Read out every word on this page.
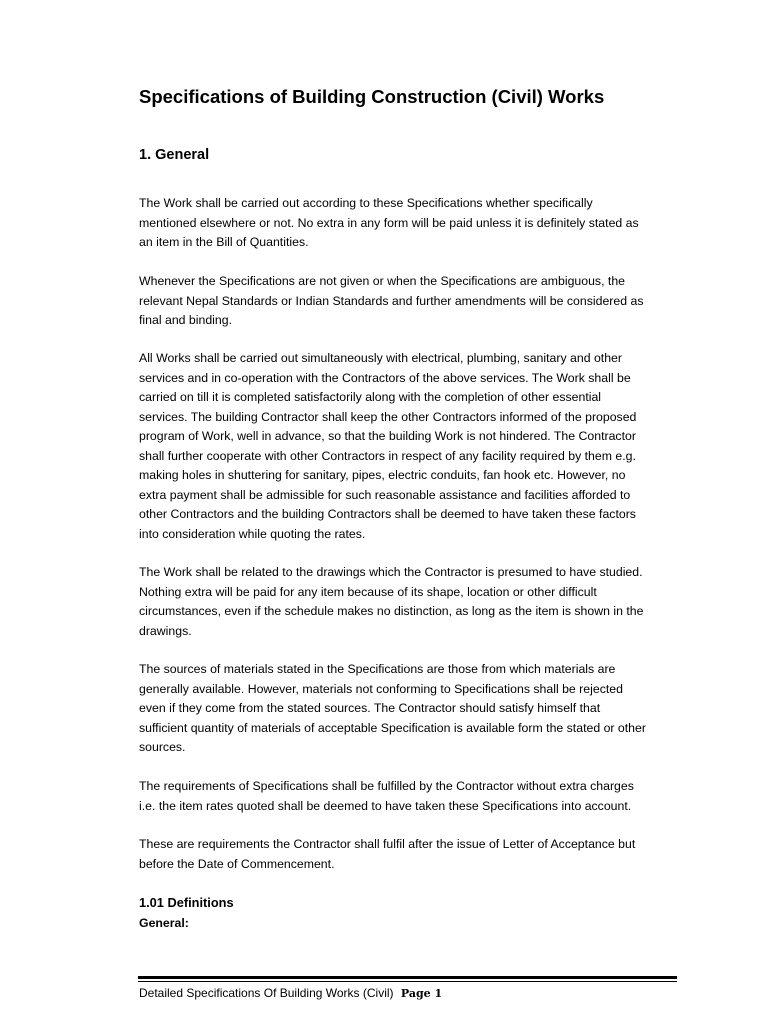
Specifications of Building Construction (Civil) Works
1. General

The Work shall be carried out according to these Specifications whether specifically
mentioned elsewhere or not. No extra in any form will be paid unless it is definitely stated as
an item in the Bill of Quantities.

Whenever the Specifications are not given or when the Specifications are ambiguous, the
relevant Nepal Standards or Indian Standards and further amendments will be considered as
final and binding.

All Works shall be carried out simultaneously with electrical, plumbing, sanitary and other
services and in co-operation with the Contractors of the above services. The Work shall be
carried on till it is completed satisfactorily along with the completion of other essential
services. The building Contractor shall keep the other Contractors informed of the proposed
program of Work, well in advance, so that the building Work is not hindered. The Contractor
shall further cooperate with other Contractors in respect of any facility required by them e.g.
making holes in shuttering for sanitary, pipes, electric conduits, fan hook etc. However, no
extra payment shall be admissible for such reasonable assistance and facilities afforded to
other Contractors and the building Contractors shall be deemed to have taken these factors
into consideration while quoting the rates.

The Work shall be related to the drawings which the Contractor is presumed to have studied.
Nothing extra will be paid for any item because of its shape, location or other difficult
circumstances, even if the schedule makes no distinction, as long as the item is shown in the
drawings.

The sources of materials stated in the Specifications are those from which materials are
generally available. However, materials not conforming to Specifications shall be rejected
even if they come from the stated sources. The Contractor should satisfy himself that
sufficient quantity of materials of acceptable Specification is available form the stated or other
sources.

The requirements of Specifications shall be fulfilled by the Contractor without extra charges
i.e. the item rates quoted shall be deemed to have taken these Specifications into account.

These are requirements the Contractor shall fulfil after the issue of Letter of Acceptance but
before the Date of Commencement.

1.01 Definitions
General:
Detailed Specifications Of Building Works (Civil) Page 1
